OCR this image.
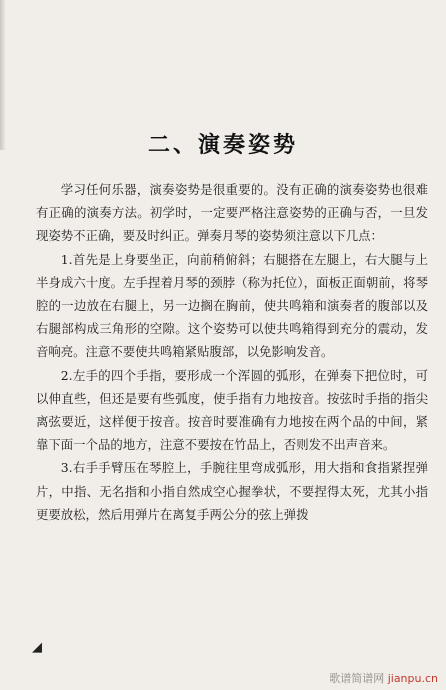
二、演奏姿势

学习任何乐器，演奏姿势是很重要的。没有正确的演奏姿势也很难有正确的演奏方法。初学时，一定要严格注意姿势的正确与否，一旦发现姿势不正确，要及时纠正。弹奏月琴的姿势须注意以下几点：

1.首先是上身要坐正，向前稍俯斜；右腿搭在左腿上，右大腿与上半身成六十度。左手捏着月琴的颈脖（称为托位），面板正面朝前，将琴腔的一边放在右腿上，另一边搁在胸前，使共鸣箱和演奏者的腹部以及右腿部构成三角形的空隙。这个姿势可以使共鸣箱得到充分的震动，发音响亮。注意不要使共鸣箱紧贴腹部，以免影响发音。

2.左手的四个手指，要形成一个浑圆的弧形，在弹奏下把位时，可以伸直些，但还是要有些弧度，使手指有力地按音。按弦时手指的指尖离弦要近，这样便于按音。按音时要准确有力地按在两个品的中间，紧靠下面一个品的地方，注意不要按在竹品上，否则发不出声音来。

3.右手手臂压在琴腔上，手腕往里弯成弧形，用大指和食指紧捏弹片，中指、无名指和小指自然成空心握拳状，不要捏得太死，尤其小指更要放松，然后用弹片在离复手两公分的弦上弹拨

◢
歌谱简谱网 jianpu.cn
